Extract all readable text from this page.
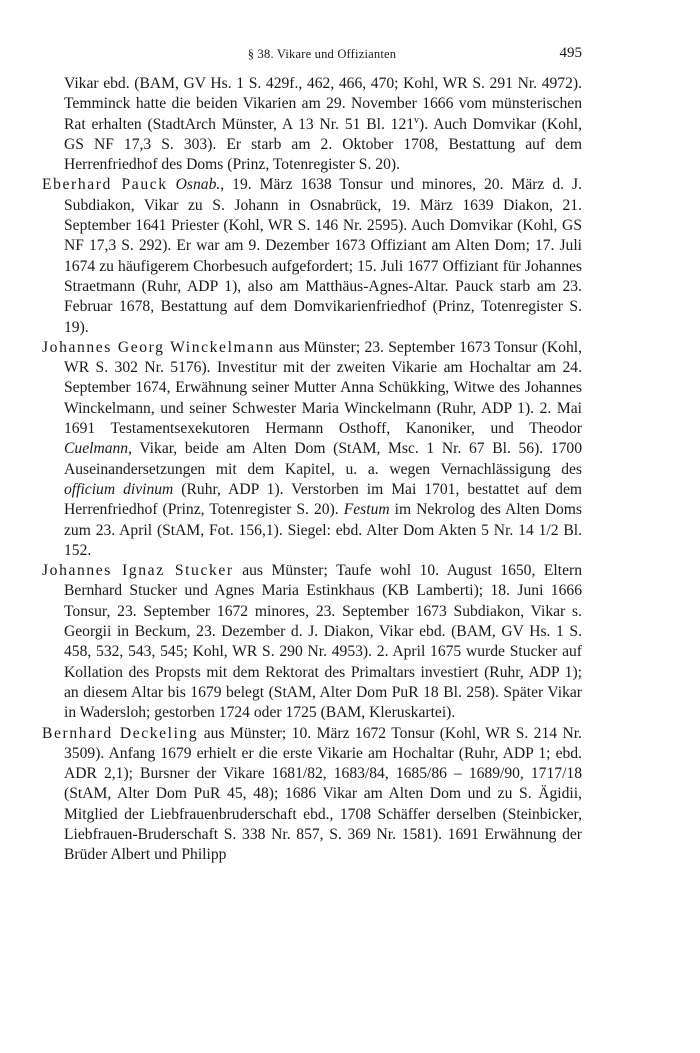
§ 38. Vikare und Offizianten	495

Vikar ebd. (BAM, GV Hs. 1 S. 429f., 462, 466, 470; Kohl, WR S. 291 Nr. 4972). Temminck hatte die beiden Vikarien am 29. November 1666 vom münsterischen Rat erhalten (StadtArch Münster, A 13 Nr. 51 Bl. 121$^v$). Auch Domvikar (Kohl, GS NF 17,3 S. 303). Er starb am 2. Oktober 1708, Bestattung auf dem Herrenfriedhof des Doms (Prinz, Totenregister S. 20).

Eberhard Pauck Osnab., 19. März 1638 Tonsur und minores, 20. März d. J. Subdiakon, Vikar zu S. Johann in Osnabrück, 19. März 1639 Diakon, 21. September 1641 Priester (Kohl, WR S. 146 Nr. 2595). Auch Domvikar (Kohl, GS NF 17,3 S. 292). Er war am 9. Dezember 1673 Offiziant am Alten Dom; 17. Juli 1674 zu häufigerem Chorbesuch aufgefordert; 15. Juli 1677 Offiziant für Johannes Straetmann (Ruhr, ADP 1), also am Matthäus-Agnes-Altar. Pauck starb am 23. Februar 1678, Bestattung auf dem Domvikarienfriedhof (Prinz, Totenregister S. 19).

Johannes Georg Winckelmann aus Münster; 23. September 1673 Tonsur (Kohl, WR S. 302 Nr. 5176). Investitur mit der zweiten Vikarie am Hochaltar am 24. September 1674, Erwähnung seiner Mutter Anna Schükking, Witwe des Johannes Winckelmann, und seiner Schwester Maria Winckelmann (Ruhr, ADP 1). 2. Mai 1691 Testamentsexekutoren Hermann Osthoff, Kanoniker, und Theodor Cuelmann, Vikar, beide am Alten Dom (StAM, Msc. 1 Nr. 67 Bl. 56). 1700 Auseinandersetzungen mit dem Kapitel, u. a. wegen Vernachlässigung des officium divinum (Ruhr, ADP 1). Verstorben im Mai 1701, bestattet auf dem Herrenfriedhof (Prinz, Totenregister S. 20). Festum im Nekrolog des Alten Doms zum 23. April (StAM, Fot. 156,1). Siegel: ebd. Alter Dom Akten 5 Nr. 14 1/2 Bl. 152.

Johannes Ignaz Stucker aus Münster; Taufe wohl 10. August 1650, Eltern Bernhard Stucker und Agnes Maria Estinkhaus (KB Lamberti); 18. Juni 1666 Tonsur, 23. September 1672 minores, 23. September 1673 Subdiakon, Vikar s. Georgii in Beckum, 23. Dezember d. J. Diakon, Vikar ebd. (BAM, GV Hs. 1 S. 458, 532, 543, 545; Kohl, WR S. 290 Nr. 4953). 2. April 1675 wurde Stucker auf Kollation des Propsts mit dem Rektorat des Primaltars investiert (Ruhr, ADP 1); an diesem Altar bis 1679 belegt (StAM, Alter Dom PuR 18 Bl. 258). Später Vikar in Wadersloh; gestorben 1724 oder 1725 (BAM, Kleruskartei).

Bernhard Deckeling aus Münster; 10. März 1672 Tonsur (Kohl, WR S. 214 Nr. 3509). Anfang 1679 erhielt er die erste Vikarie am Hochaltar (Ruhr, ADP 1; ebd. ADR 2,1); Bursner der Vikare 1681/82, 1683/84, 1685/86 – 1689/90, 1717/18 (StAM, Alter Dom PuR 45, 48); 1686 Vikar am Alten Dom und zu S. Ägidii, Mitglied der Liebfrauenbruderschaft ebd., 1708 Schäffer derselben (Steinbicker, Liebfrauen-Bruderschaft S. 338 Nr. 857, S. 369 Nr. 1581). 1691 Erwähnung der Brüder Albert und Philipp
